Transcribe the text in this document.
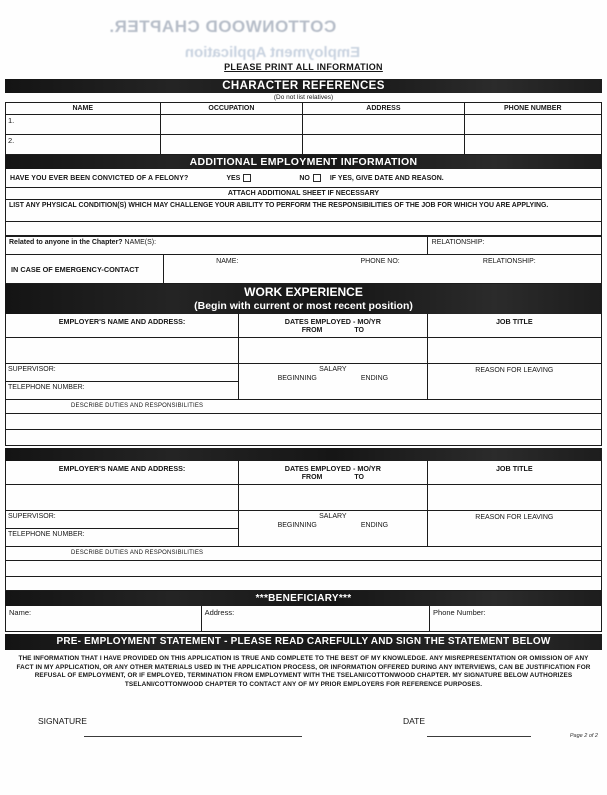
COTTONWOOD CHAPTER.
Employment Application
PLEASE PRINT ALL INFORMATION
CHARACTER REFERENCES
(Do not list relatives)
NAME	OCCUPATION	ADDRESS	PHONE NUMBER
1.
2.
ADDITIONAL EMPLOYMENT INFORMATION
HAVE YOU EVER BEEN CONVICTED OF A FELONY?	YES	NO	IF YES, GIVE DATE AND REASON.
ATTACH ADDITIONAL SHEET IF NECESSARY
LIST ANY PHYSICAL CONDITION(S) WHICH MAY CHALLENGE YOUR ABILITY TO PERFORM THE RESPONSIBILITIES OF THE JOB FOR WHICH YOU ARE APPLYING.
Related to anyone in the Chapter? NAME(S):	RELATIONSHIP:
IN CASE OF EMERGENCY-CONTACT
NAME:	PHONE NO:	RELATIONSHIP:
WORK EXPERIENCE
(Begin with current or most recent position)
EMPLOYER'S NAME AND ADDRESS:	DATES EMPLOYED - MO/YR
FROM	TO
JOB TITLE
SUPERVISOR:
TELEPHONE NUMBER:
SALARY
BEGINNING	ENDING
REASON FOR LEAVING
DESCRIBE DUTIES AND RESPONSIBILITIES
EMPLOYER'S NAME AND ADDRESS:	DATES EMPLOYED - MO/YR
FROM	TO
JOB TITLE
SUPERVISOR:
TELEPHONE NUMBER:
SALARY
BEGINNING	ENDING
REASON FOR LEAVING
DESCRIBE DUTIES AND RESPONSIBILITIES
***BENEFICIARY***
Name:	Address:	Phone Number:
PRE- EMPLOYMENT STATEMENT - PLEASE READ CAREFULLY AND SIGN THE STATEMENT BELOW
THE INFORMATION THAT I HAVE PROVIDED ON THIS APPLICATION IS TRUE AND COMPLETE TO THE BEST OF MY KNOWLEDGE. ANY MISREPRESENTATION OR OMISSION OF ANY FACT IN MY APPLICATION, OR ANY OTHER MATERIALS USED IN THE APPLICATION PROCESS, OR INFORMATION OFFERED DURING ANY INTERVIEWS, CAN BE JUSTIFICATION FOR REFUSAL OF EMPLOYMENT, OR IF EMPLOYED, TERMINATION FROM EMPLOYMENT WITH THE TSELANI/COTTONWOOD CHAPTER. MY SIGNATURE BELOW AUTHORIZES TSELANI/COTTONWOOD CHAPTER TO CONTACT ANY OF MY PRIOR EMPLOYERS FOR REFERENCE PURPOSES.
SIGNATURE	DATE
Page 2 of 2
